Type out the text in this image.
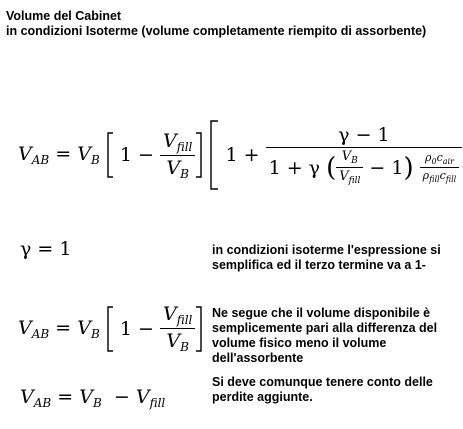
Volume del Cabinet
in condizioni Isoterme (volume completamente riempito di assorbente)
$V_{AB} = V_B$ $1 - \frac{V_{fill}}{V_B}$
1 +
γ − 1
1 + γ ( $\frac{V_B}{V_{fill}} - 1$ )
$\frac{\rho_0c_{air}}{\rho_{fill}c_{fill}}$

γ = 1	in condizioni isoterme l'espressione si semplifica ed il terzo termine va a 1-
$V_{AB} = V_B$ $1 - \frac{V_{fill}}{V_B}$ Ne segue che il volume disponibile è semplicemente pari alla differenza del volume fisico meno il volume dell'assorbente
$V_{AB} = V_B - V_{fill}$
Si deve comunque tenere conto delle perdite aggiunte.
